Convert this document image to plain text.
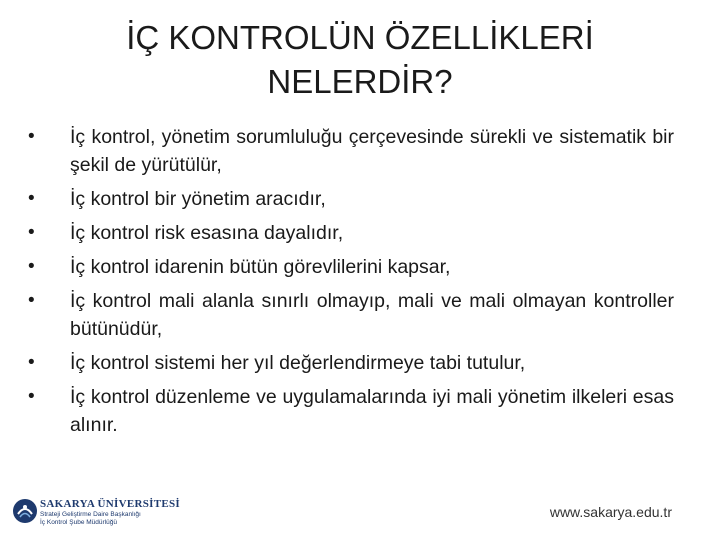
İÇ KONTROLÜN ÖZELLİKLERİ
NELERDİR?
•	İç kontrol, yönetim sorumluluğu çerçevesinde sürekli ve sistematik bir şekil de yürütülür,
•	İç kontrol bir yönetim aracıdır,
•	İç kontrol risk esasına dayalıdır,
•	İç kontrol idarenin bütün görevlilerini kapsar,
•	İç kontrol mali alanla sınırlı olmayıp, mali ve mali olmayan kontroller bütünüdür,
•	İç kontrol sistemi her yıl değerlendirmeye tabi tutulur,
•	İç kontrol düzenleme ve uygulamalarında iyi mali yönetim ilkeleri esas alınır.
SAKARYA ÜNİVERSİTESİ
Strateji Geliştirme Daire Başkanlığı
İç Kontrol Şube Müdürlüğü
www.sakarya.edu.tr
